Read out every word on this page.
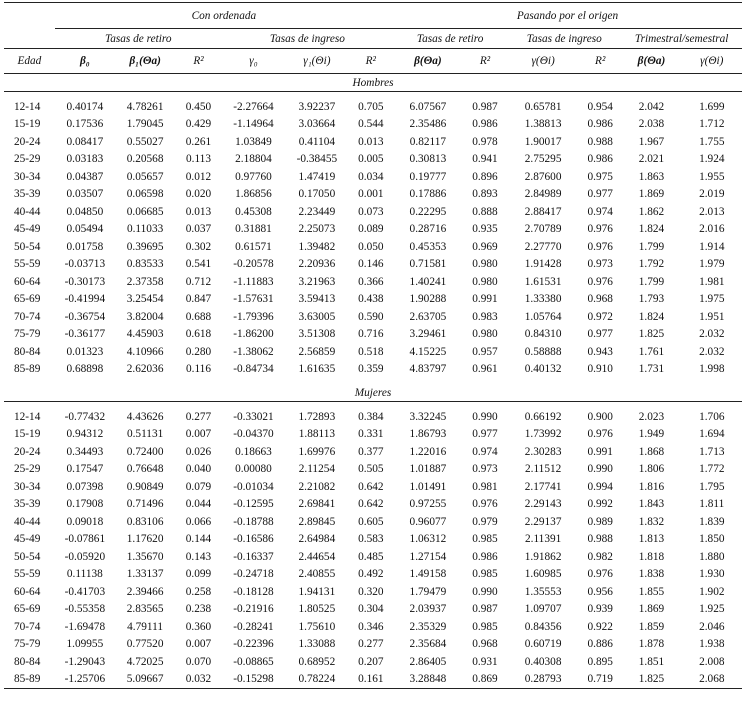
	Con ordenada						Pasando por el origen					
	Tasas de retiro			Tasas de ingreso			Tasas de retiro		Tasas de ingreso		Trimestral/semestral	
Edad	β₀	β₁(Θa)	R²	γ₀	γ₁(Θi)	R²	β(Θa)	R²	γ(Θi)	R²	β(Θa)	γ(Θi)
Hombres												

12-14	0.40174	4.78261	0.450	-2.27664	3.92237	0.705	6.07567	0.987	0.65781	0.954	2.042	1.699
15-19	0.17536	1.79045	0.429	-1.14964	3.03664	0.544	2.35486	0.986	1.38813	0.986	2.038	1.712
20-24	0.08417	0.55027	0.261	1.03849	0.41104	0.013	0.82117	0.978	1.90017	0.988	1.967	1.755
25-29	0.03183	0.20568	0.113	2.18804	-0.38455	0.005	0.30813	0.941	2.75295	0.986	2.021	1.924
30-34	0.04387	0.05657	0.012	0.97760	1.47419	0.034	0.19777	0.896	2.87600	0.975	1.863	1.955
35-39	0.03507	0.06598	0.020	1.86856	0.17050	0.001	0.17886	0.893	2.84989	0.977	1.869	2.019
40-44	0.04850	0.06685	0.013	0.45308	2.23449	0.073	0.22295	0.888	2.88417	0.974	1.862	2.013
45-49	0.05494	0.11033	0.037	0.31881	2.25073	0.089	0.28716	0.935	2.70789	0.976	1.824	2.016
50-54	0.01758	0.39695	0.302	0.61571	1.39482	0.050	0.45353	0.969	2.27770	0.976	1.799	1.914
55-59	-0.03713	0.83533	0.541	-0.20578	2.20936	0.146	0.71581	0.980	1.91428	0.973	1.792	1.979
60-64	-0.30173	2.37358	0.712	-1.11883	3.21963	0.366	1.40241	0.980	1.61531	0.976	1.799	1.981
65-69	-0.41994	3.25454	0.847	-1.57631	3.59413	0.438	1.90288	0.991	1.33380	0.968	1.793	1.975
70-74	-0.36754	3.82004	0.688	-1.79396	3.63005	0.590	2.63705	0.983	1.05764	0.972	1.824	1.951
75-79	-0.36177	4.45903	0.618	-1.86200	3.51308	0.716	3.29461	0.980	0.84310	0.977	1.825	2.032
80-84	0.01323	4.10966	0.280	-1.38062	2.56859	0.518	4.15225	0.957	0.58888	0.943	1.761	2.032
85-89	0.68898	2.62036	0.116	-0.84734	1.61635	0.359	4.83797	0.961	0.40132	0.910	1.731	1.998

Mujeres												

12-14	-0.77432	4.43626	0.277	-0.33021	1.72893	0.384	3.32245	0.990	0.66192	0.900	2.023	1.706
15-19	0.94312	0.51131	0.007	-0.04370	1.88113	0.331	1.86793	0.977	1.73992	0.976	1.949	1.694
20-24	0.34493	0.72400	0.026	0.18663	1.69976	0.377	1.22016	0.974	2.30283	0.991	1.868	1.713
25-29	0.17547	0.76648	0.040	0.00080	2.11254	0.505	1.01887	0.973	2.11512	0.990	1.806	1.772
30-34	0.07398	0.90849	0.079	-0.01034	2.21082	0.642	1.01491	0.981	2.17741	0.994	1.816	1.795
35-39	0.17908	0.71496	0.044	-0.12595	2.69841	0.642	0.97255	0.976	2.29143	0.992	1.843	1.811
40-44	0.09018	0.83106	0.066	-0.18788	2.89845	0.605	0.96077	0.979	2.29137	0.989	1.832	1.839
45-49	-0.07861	1.17620	0.144	-0.16586	2.64984	0.583	1.06312	0.985	2.11391	0.988	1.813	1.850
50-54	-0.05920	1.35670	0.143	-0.16337	2.44654	0.485	1.27154	0.986	1.91862	0.982	1.818	1.880
55-59	0.11138	1.33137	0.099	-0.24718	2.40855	0.492	1.49158	0.985	1.60985	0.976	1.838	1.930
60-64	-0.41703	2.39466	0.258	-0.18128	1.94131	0.320	1.79479	0.990	1.35553	0.956	1.855	1.902
65-69	-0.55358	2.83565	0.238	-0.21916	1.80525	0.304	2.03937	0.987	1.09707	0.939	1.869	1.925
70-74	-1.69478	4.79111	0.360	-0.28241	1.75610	0.346	2.35329	0.985	0.84356	0.922	1.859	2.046
75-79	1.09955	0.77520	0.007	-0.22396	1.33088	0.277	2.35684	0.968	0.60719	0.886	1.878	1.938
80-84	-1.29043	4.72025	0.070	-0.08865	0.68952	0.207	2.86405	0.931	0.40308	0.895	1.851	2.008
85-89	-1.25706	5.09667	0.032	-0.15298	0.78224	0.161	3.28848	0.869	0.28793	0.719	1.825	2.068
